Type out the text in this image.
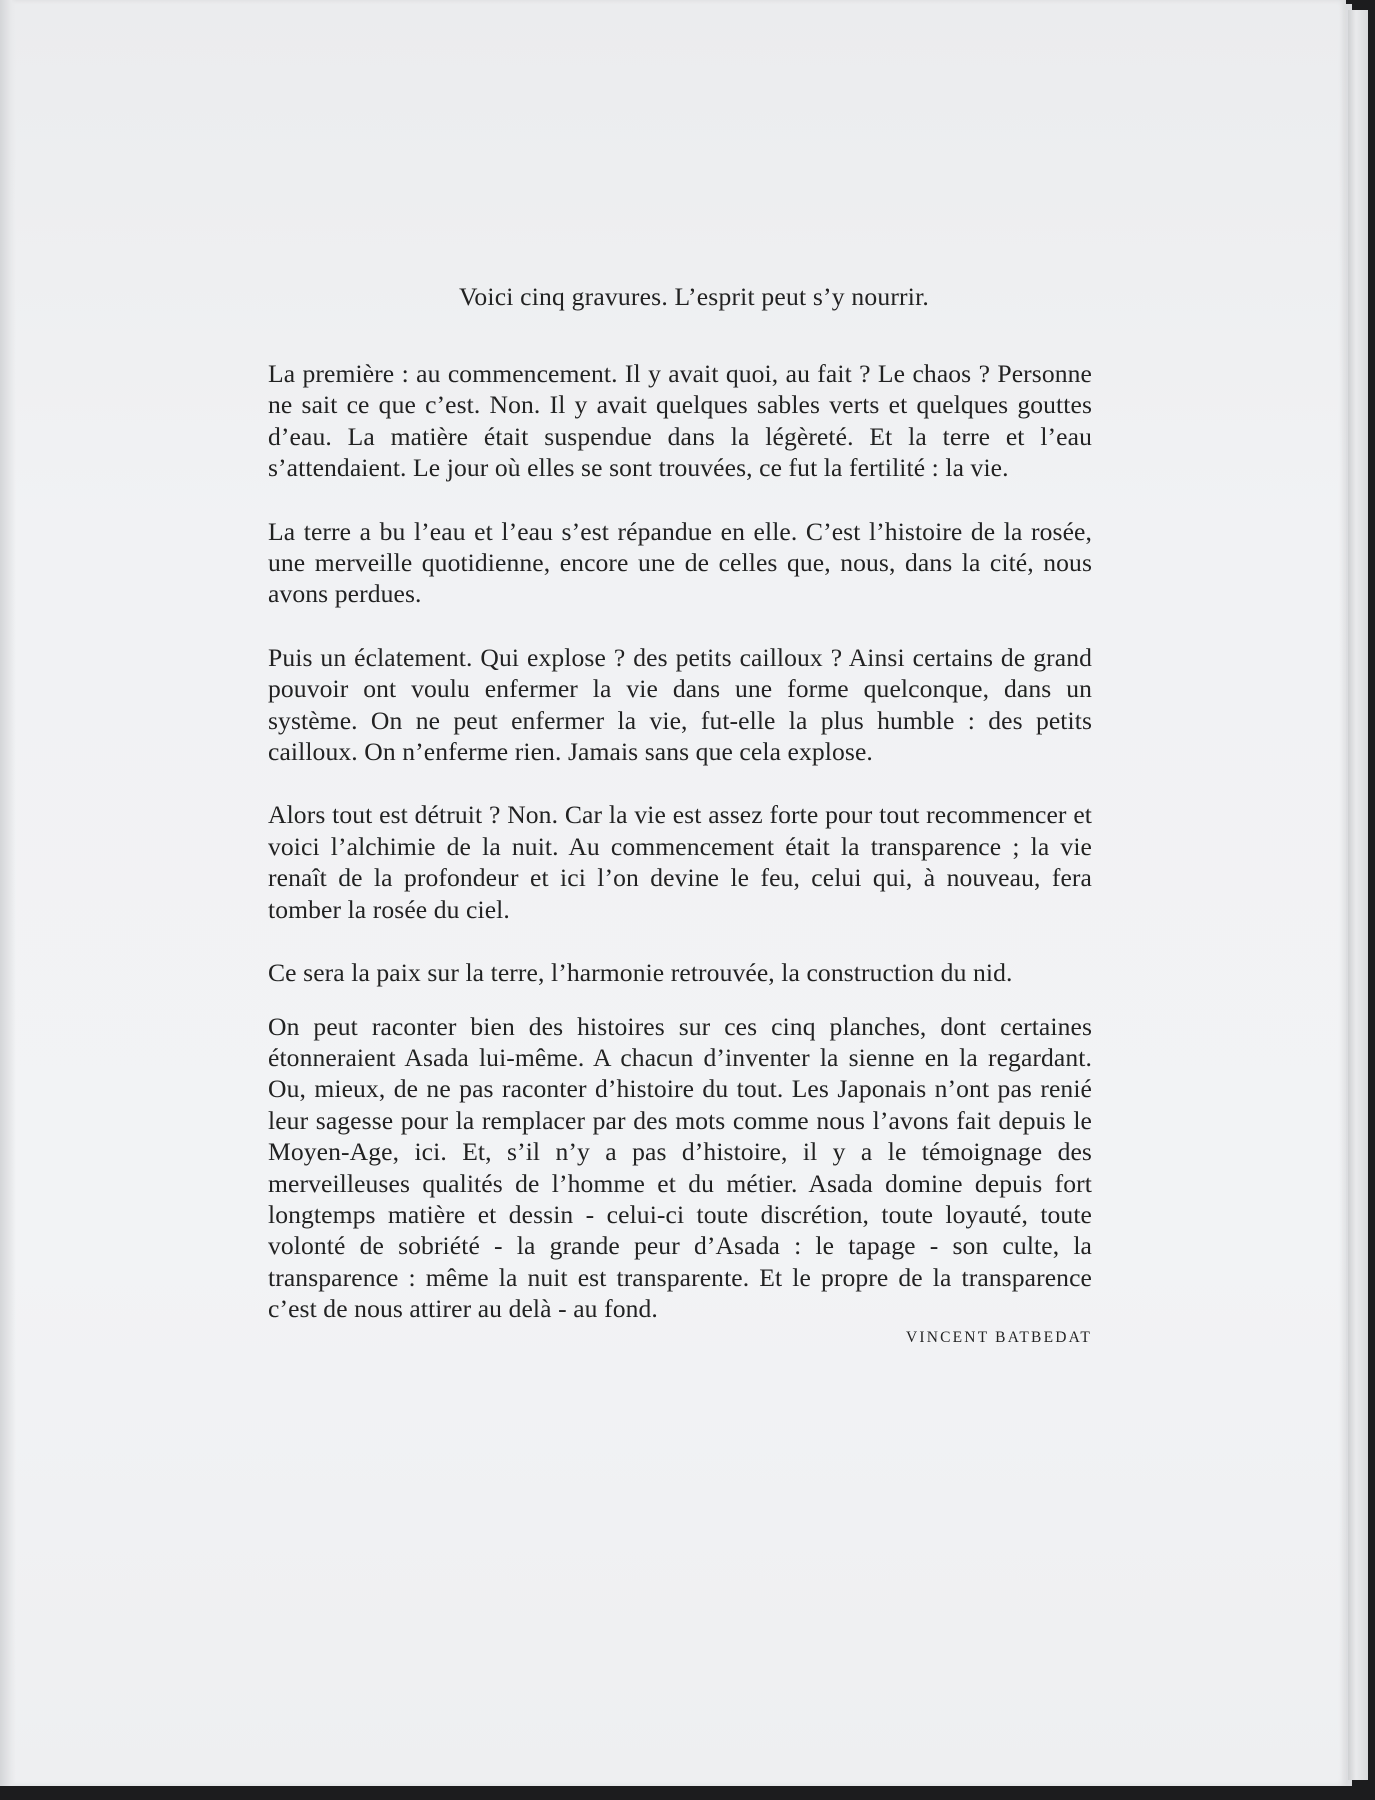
Voici cinq gravures. L’esprit peut s’y nourrir.

La première : au commencement. Il y avait quoi, au fait ? Le chaos ? Personne ne sait ce que c’est. Non. Il y avait quelques sables verts et quelques gouttes d’eau. La matière était suspendue dans la légèreté. Et la terre et l’eau s’attendaient. Le jour où elles se sont trouvées, ce fut la fertilité : la vie.

La terre a bu l’eau et l’eau s’est répandue en elle. C’est l’histoire de la rosée, une merveille quotidienne, encore une de celles que, nous, dans la cité, nous avons perdues.

Puis un éclatement. Qui explose ? des petits cailloux ? Ainsi certains de grand pouvoir ont voulu enfermer la vie dans une forme quelconque, dans un système. On ne peut enfermer la vie, fut-elle la plus humble : des petits cailloux. On n’enferme rien. Jamais sans que cela explose.

Alors tout est détruit ? Non. Car la vie est assez forte pour tout recommencer et voici l’alchimie de la nuit. Au commencement était la transparence ; la vie renaît de la profondeur et ici l’on devine le feu, celui qui, à nouveau, fera tomber la rosée du ciel.

Ce sera la paix sur la terre, l’harmonie retrouvée, la construction du nid.

On peut raconter bien des histoires sur ces cinq planches, dont certaines étonneraient Asada lui-même. A chacun d’inventer la sienne en la regardant. Ou, mieux, de ne pas raconter d’histoire du tout. Les Japonais n’ont pas renié leur sagesse pour la remplacer par des mots comme nous l’avons fait depuis le Moyen-Age, ici. Et, s’il n’y a pas d’histoire, il y a le témoignage des merveilleuses qualités de l’homme et du métier. Asada domine depuis fort longtemps matière et dessin - celui-ci toute discrétion, toute loyauté, toute volonté de sobriété - la grande peur d’Asada : le tapage - son culte, la transparence : même la nuit est transparente. Et le propre de la transparence c’est de nous attirer au delà - au fond.

VINCENT BATBEDAT
